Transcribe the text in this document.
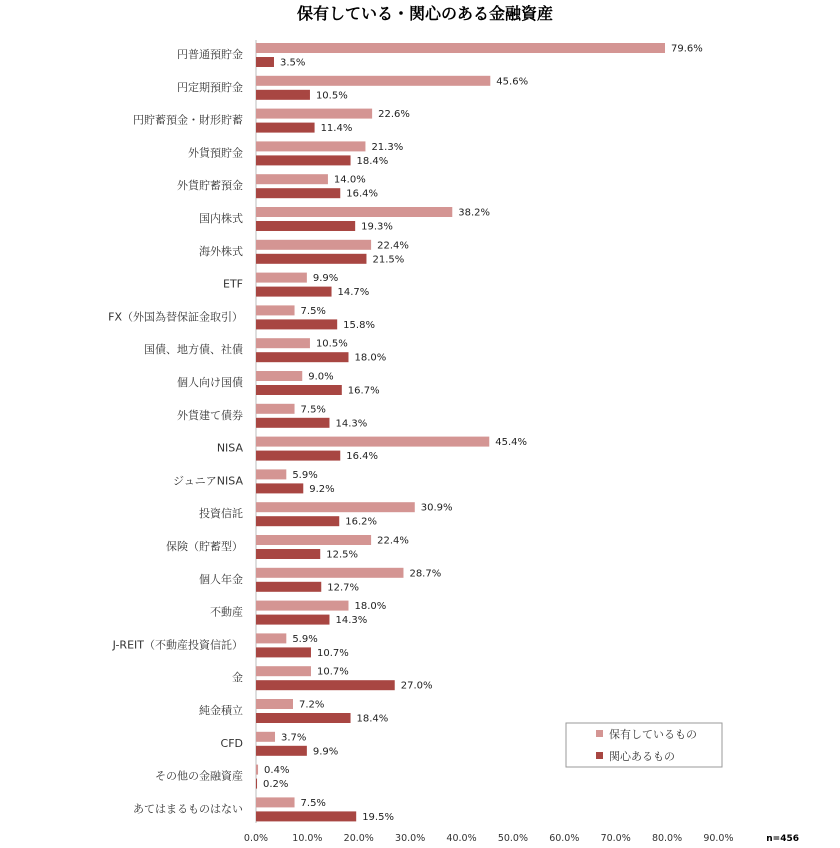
保有している・関心のある金融資産
79.6%
3.5%
45.6%
10.5%
22.6%
11.4%
21.3%
18.4%
14.0%
16.4%
38.2%
19.3%
22.4%
21.5%
9.9%
14.7%
7.5%
15.8%
10.5%
18.0%
9.0%
16.7%
7.5%
14.3%
45.4%
16.4%
5.9%
9.2%
30.9%
16.2%
22.4%
12.5%
28.7%
12.7%
18.0%
14.3%
5.9%
10.7%
10.7%
27.0%
7.2%
18.4%
3.7%
9.9%
0.4%
0.2%
7.5%
19.5%
円普通預貯金
円定期預貯金
円貯蓄預金・財形貯蓄
外貨預貯金
外貨貯蓄預金
国内株式
海外株式
ETF
FX（外国為替保証金取引）
国債、地方債、社債
個人向け国債
外貨建て債券
NISA
ジュニアNISA
投資信託
保険（貯蓄型）
個人年金
不動産
J-REIT（不動産投資信託）
金
純金積立
CFD
その他の金融資産
あてはまるものはない
0.0%	10.0% 20.0% 30.0% 40.0% 50.0% 60.0% 70.0% 80.0% 90.0%
保有しているもの
関心あるもの
n=456
